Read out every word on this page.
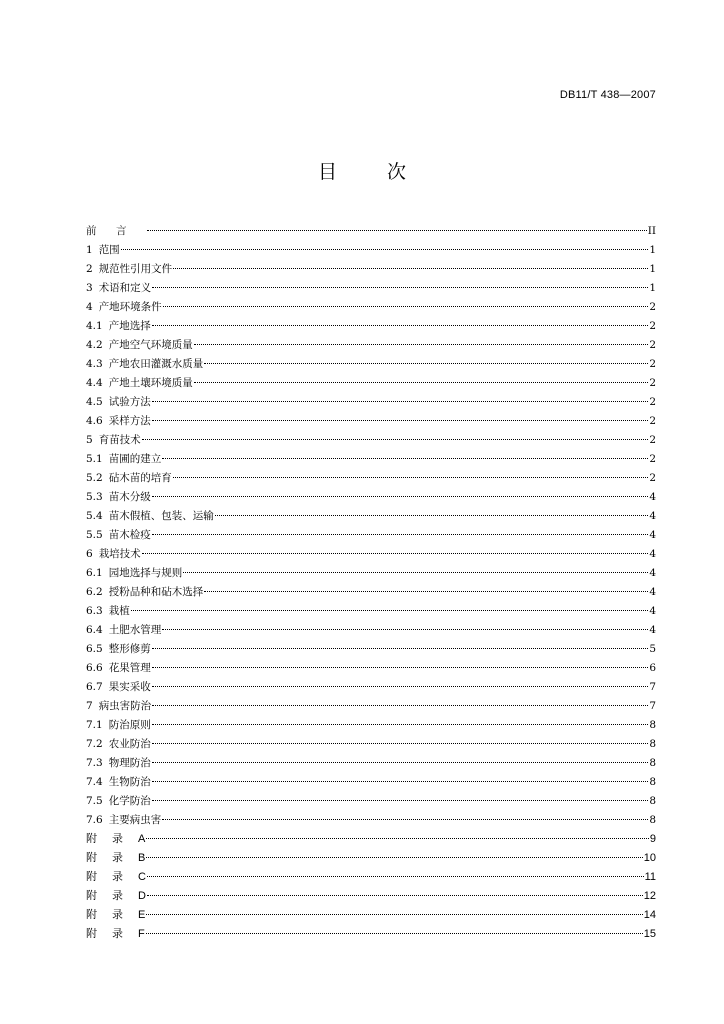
DB11/T 438—2007
目 次
前 言	II
1 范围	1
2 规范性引用文件	1
3 术语和定义	1
4 产地环境条件	2
4.1 产地选择	2
4.2 产地空气环境质量	2
4.3 产地农田灌溉水质量	2
4.4 产地土壤环境质量	2
4.5 试验方法	2
4.6 采样方法	2
5 育苗技术	2
5.1 苗圃的建立	2
5.2 砧木苗的培育	2
5.3 苗木分级	4
5.4 苗木假植、包装、运输	4
5.5 苗木检疫	4
6 栽培技术	4
6.1 园地选择与规则	4
6.2 授粉品种和砧木选择	4
6.3 栽植	4
6.4 土肥水管理	4
6.5 整形修剪	5
6.6 花果管理	6
6.7 果实采收	7
7 病虫害防治	7
7.1 防治原则	8
7.2 农业防治	8
7.3 物理防治	8
7.4 生物防治	8
7.5 化学防治	8
7.6 主要病虫害	8
附 录 A	9
附 录 B	10
附 录 C	11
附 录 D	12
附 录 E	14
附 录 F	15
